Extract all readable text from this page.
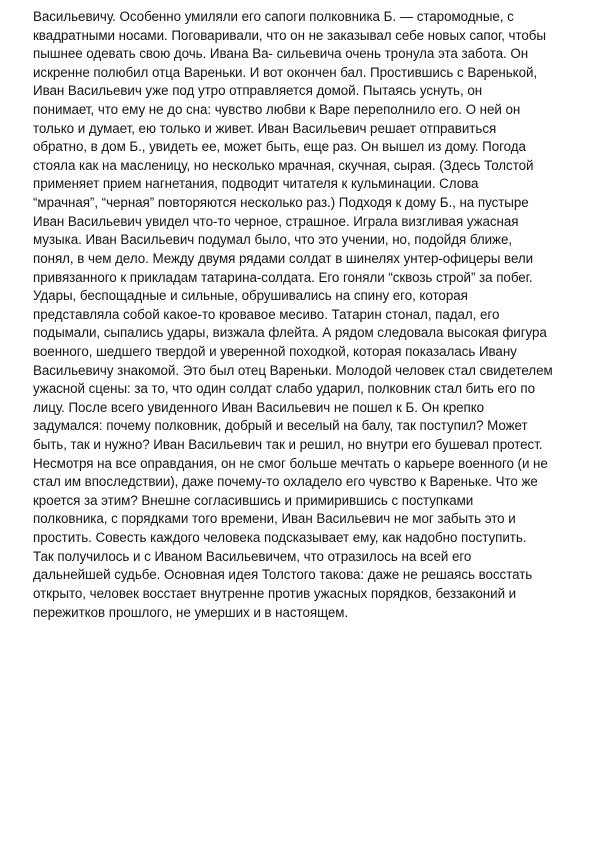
Васильевичу. Особенно умиляли его сапоги полковника Б. — старомодные, с
квадратными носами. Поговаривали, что он не заказывал себе новых сапог, чтобы
пышнее одевать свою дочь. Ивана Ва- сильевича очень тронула эта забота. Он
искренне полюбил отца Вареньки. И вот окончен бал. Простившись с Варенькой,
Иван Васильевич уже под утро отправляется домой. Пытаясь уснуть, он
понимает, что ему не до сна: чувство любви к Варе переполнило его. О ней он
только и думает, ею только и живет. Иван Васильевич решает отправиться
обратно, в дом Б., увидеть ее, может быть, еще раз. Он вышел из дому. Погода
стояла как на масленицу, но несколько мрачная, скучная, сырая. (Здесь Толстой
применяет прием нагнетания, подводит читателя к кульминации. Слова
“мрачная”, “черная” повторяются несколько раз.) Подходя к дому Б., на пустыре
Иван Васильевич увидел что-то черное, страшное. Играла визгливая ужасная
музыка. Иван Васильевич подумал было, что это учении, но, подойдя ближе,
понял, в чем дело. Между двумя рядами солдат в шинелях унтер-офицеры вели
привязанного к прикладам татарина-солдата. Его гоняли “сквозь строй” за побег.
Удары, беспощадные и сильные, обрушивались на спину его, которая
представляла собой какое-то кровавое месиво. Татарин стонал, падал, его
подымали, сыпались удары, визжала флейта. А рядом следовала высокая фигура
военного, шедшего твердой и уверенной походкой, которая показалась Ивану
Васильевичу знакомой. Это был отец Вареньки. Молодой человек стал свидетелем
ужасной сцены: за то, что один солдат слабо ударил, полковник стал бить его по
лицу. После всего увиденного Иван Васильевич не пошел к Б. Он крепко
задумался: почему полковник, добрый и веселый на балу, так поступил? Может
быть, так и нужно? Иван Васильевич так и решил, но внутри его бушевал протест.
Несмотря на все оправдания, он не смог больше мечтать о карьере военного (и не
стал им впоследствии), даже почему-то охладело его чувство к Вареньке. Что же
кроется за этим? Внешне согласившись и примирившись с поступками
полковника, с порядками того времени, Иван Васильевич не мог забыть это и
простить. Совесть каждого человека подсказывает ему, как надобно поступить.
Так получилось и с Иваном Васильевичем, что отразилось на всей его
дальнейшей судьбе. Основная идея Толстого такова: даже не решаясь восстать
открыто, человек восстает внутренне против ужасных порядков, беззаконий и
пережитков прошлого, не умерших и в настоящем.
